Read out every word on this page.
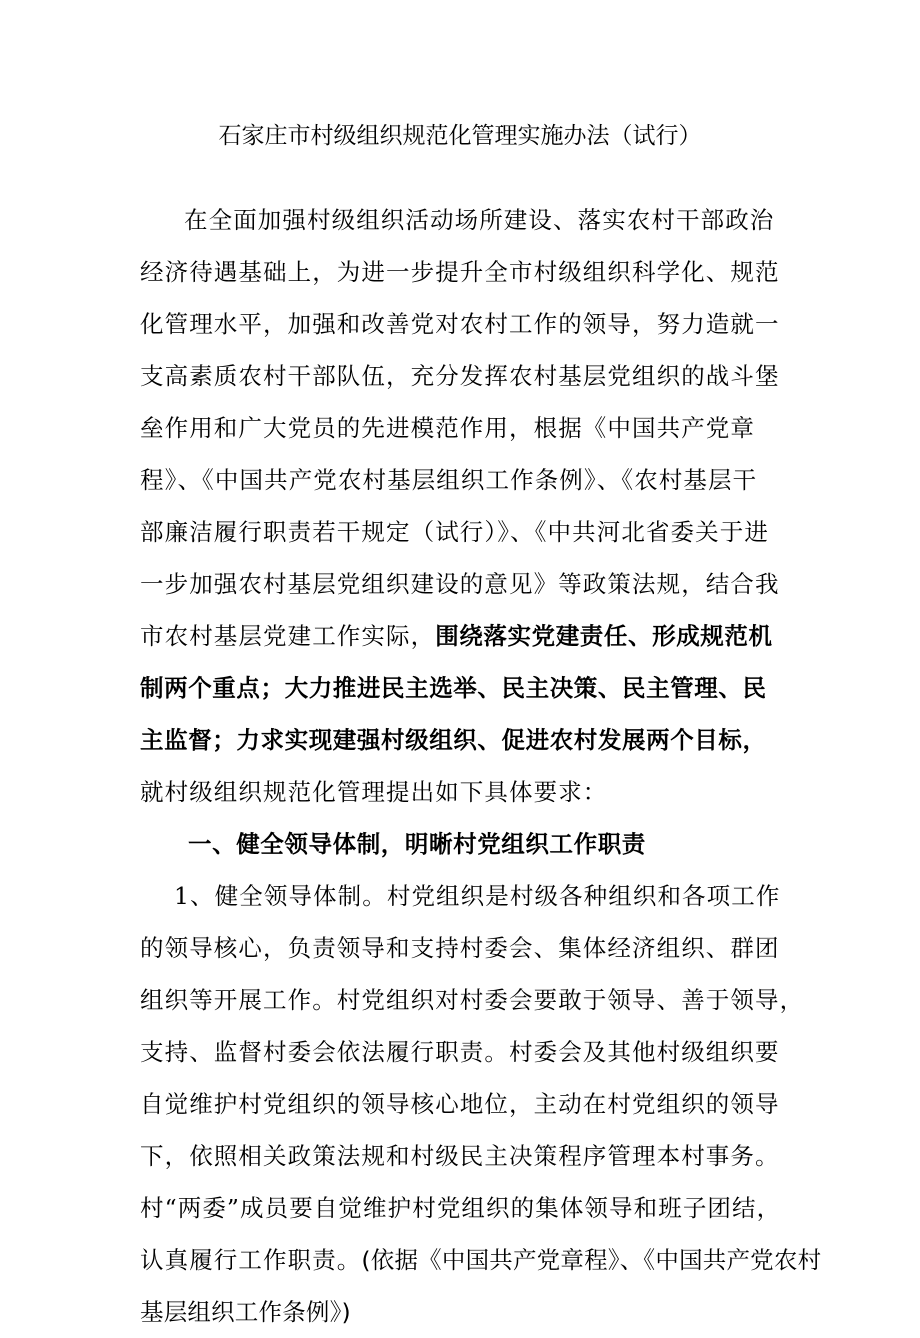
石家庄市村级组织规范化管理实施办法（试行）
在全面加强村级组织活动场所建设、落实农村干部政治
经济待遇基础上，为进一步提升全市村级组织科学化、规范
化管理水平，加强和改善党对农村工作的领导，努力造就一
支高素质农村干部队伍，充分发挥农村基层党组织的战斗堡
垒作用和广大党员的先进模范作用，根据《中国共产党章
程》、《中国共产党农村基层组织工作条例》、《农村基层干
部廉洁履行职责若干规定（试行）》、《中共河北省委关于进
一步加强农村基层党组织建设的意见》等政策法规，结合我
市农村基层党建工作实际，围绕落实党建责任、形成规范机
制两个重点；大力推进民主选举、民主决策、民主管理、民
主监督；力求实现建强村级组织、促进农村发展两个目标，
就村级组织规范化管理提出如下具体要求：
一、健全领导体制，明晰村党组织工作职责
1、健全领导体制。村党组织是村级各种组织和各项工作
的领导核心，负责领导和支持村委会、集体经济组织、群团
组织等开展工作。村党组织对村委会要敢于领导、善于领导，
支持、监督村委会依法履行职责。村委会及其他村级组织要
自觉维护村党组织的领导核心地位，主动在村党组织的领导
下，依照相关政策法规和村级民主决策程序管理本村事务。
村“两委”成员要自觉维护村党组织的集体领导和班子团结，
认真履行工作职责。(依据《中国共产党章程》、《中国共产党农村
基层组织工作条例》)
